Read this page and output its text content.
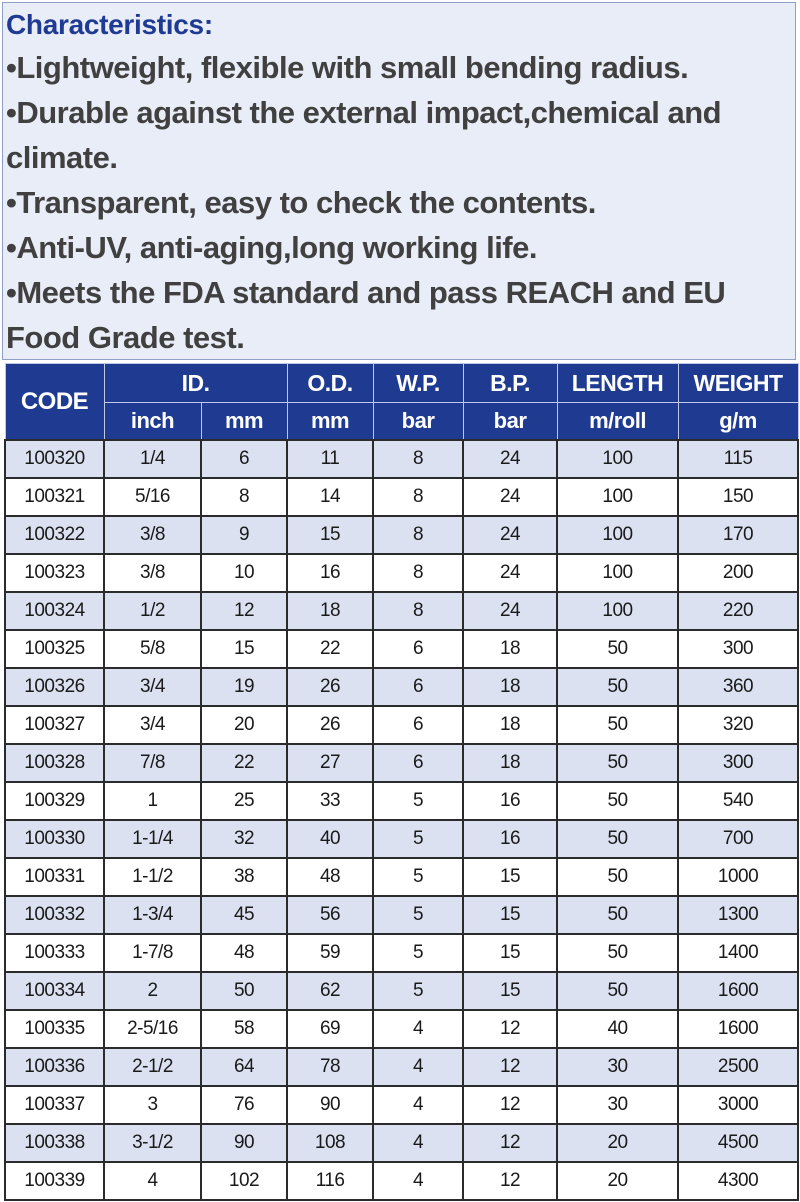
Characteristics:
•Lightweight, flexible with small bending radius.
•Durable against the external impact,chemical and climate.
•Transparent, easy to check the contents.
•Anti-UV, anti-aging,long working life.
•Meets the FDA standard and pass REACH and EU Food Grade test.
CODE	ID.		O.D.	W.P.	B.P.	LENGTH	WEIGHT
	inch	mm	mm	bar	bar	m/roll	g/m
100320	1/4	6	11	8	24	100	115
100321	5/16	8	14	8	24	100	150
100322	3/8	9	15	8	24	100	170
100323	3/8	10	16	8	24	100	200
100324	1/2	12	18	8	24	100	220
100325	5/8	15	22	6	18	50	300
100326	3/4	19	26	6	18	50	360
100327	3/4	20	26	6	18	50	320
100328	7/8	22	27	6	18	50	300
100329	1	25	33	5	16	50	540
100330	1-1/4	32	40	5	16	50	700
100331	1-1/2	38	48	5	15	50	1000
100332	1-3/4	45	56	5	15	50	1300
100333	1-7/8	48	59	5	15	50	1400
100334	2	50	62	5	15	50	1600
100335	2-5/16	58	69	4	12	40	1600
100336	2-1/2	64	78	4	12	30	2500
100337	3	76	90	4	12	30	3000
100338	3-1/2	90	108	4	12	20	4500
100339	4	102	116	4	12	20	4300
